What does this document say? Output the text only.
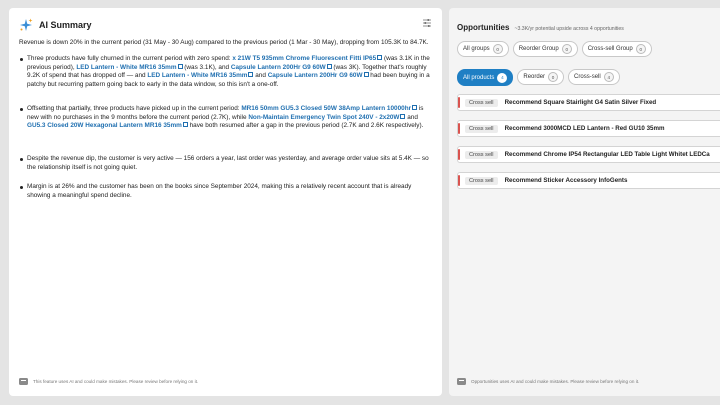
AI Summary

Revenue is down 20% in the current period (31 May - 30 Aug) compared to the previous period (1 Mar - 30 May), dropping from 105.3K to 84.7K.

Three products have fully churned in the current period with zero spend: x 21W T5 935mm Chrome Fluorescent Fitti IP65 (was 3.1K in the previous period), LED Lantern - White MR16 35mm (was 3.1K), and Capsule Lantern 200Hr G9 60W (was 3K). Together that's roughly 9.2K of spend that has dropped off — and LED Lantern - White MR16 35mm and Capsule Lantern 200Hr G9 60W had been buying in a patchy but recurring pattern going back to early in the data window, so this isn't a one-off.
Offsetting that partially, three products have picked up in the current period: MR16 50mm GU5.3 Closed 50W 38Amp Lantern 10000hr is new with no purchases in the 9 months before the current period (2.7K), while Non-Maintain Emergency Twin Spot 240V - 2x20W and GU5.3 Closed 20W Hexagonal Lantern MR16 35mm have both resumed after a gap in the previous period (2.7K and 2.6K respectively).
Despite the revenue dip, the customer is very active — 156 orders a year, last order was yesterday, and average order value sits at 5.4K — so the relationship itself is not going quiet.
Margin is at 26% and the customer has been on the books since September 2024, making this a relatively recent account that is already showing a meaningful spend decline.
This feature uses AI and could make mistakes. Please review before relying on it.
Opportunities ~3.3K/yr potential upside across 4 opportunities
All groups	0	Reorder Group	0	Cross-sell Group	0
All products	4	Reorder	0	Cross-sell	4
Cross sell	Recommend Square Stairlight G4 Satin Silver Fixed
Cross sell	Recommend 3000MCD LED Lantern - Red GU10 35mm
Cross sell	Recommend Chrome IP54 Rectangular LED Table Light Whitet LEDCa
Cross sell	Recommend Sticker Accessory InfoGents
Opportunities uses AI and could make mistakes. Please review before relying on it.
